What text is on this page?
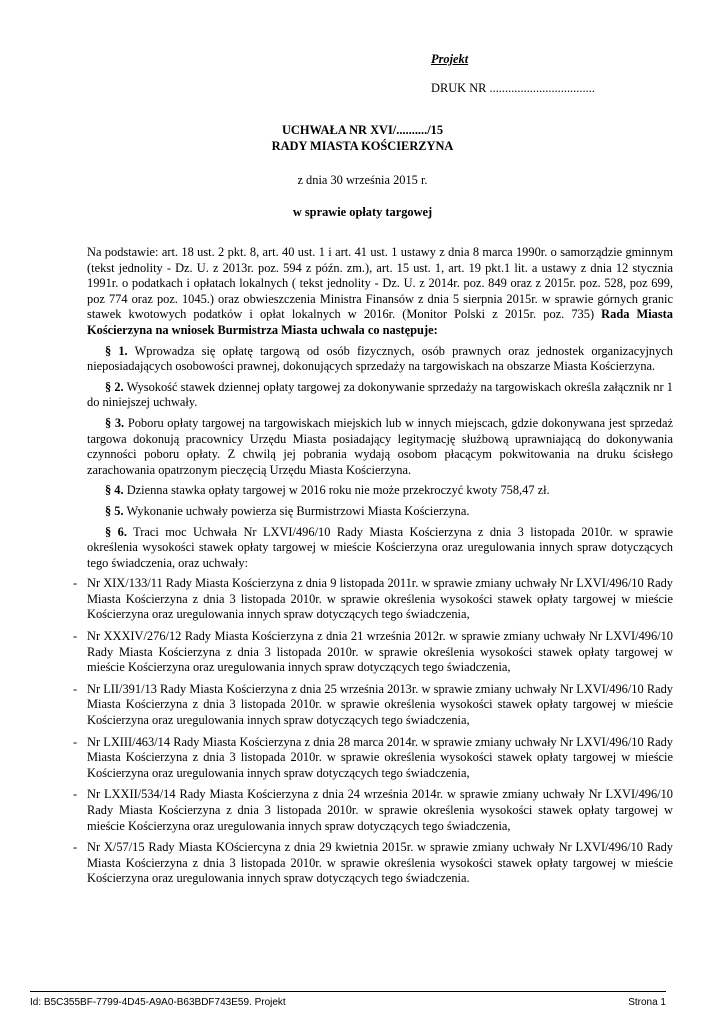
Projekt
DRUK NR ..................................
UCHWAŁA NR XVI/........../15
RADY MIASTA KOŚCIERZYNA
z dnia 30 września 2015 r.
w sprawie opłaty targowej

Na podstawie: art. 18 ust. 2 pkt. 8, art. 40 ust. 1 i art. 41 ust. 1 ustawy z dnia 8 marca 1990r. o samorządzie gminnym (tekst jednolity - Dz. U. z 2013r. poz. 594 z późn. zm.), art. 15 ust. 1, art. 19 pkt.1 lit. a ustawy z dnia 12 stycznia 1991r. o podatkach i opłatach lokalnych ( tekst jednolity - Dz. U. z 2014r. poz. 849 oraz z 2015r. poz. 528, poz 699, poz 774 oraz poz. 1045.) oraz obwieszczenia Ministra Finansów z dnia 5 sierpnia 2015r. w sprawie górnych granic stawek kwotowych podatków i opłat lokalnych w 2016r. (Monitor Polski z 2015r. poz. 735) Rada Miasta Kościerzyna na wniosek Burmistrza Miasta uchwala co następuje:

§ 1. Wprowadza się opłatę targową od osób fizycznych, osób prawnych oraz jednostek organizacyjnych nieposiadających osobowości prawnej, dokonujących sprzedaży na targowiskach na obszarze Miasta Kościerzyna.

§ 2. Wysokość stawek dziennej opłaty targowej za dokonywanie sprzedaży na targowiskach określa załącznik nr 1 do niniejszej uchwały.

§ 3. Poboru opłaty targowej na targowiskach miejskich lub w innych miejscach, gdzie dokonywana jest sprzedaż targowa dokonują pracownicy Urzędu Miasta posiadający legitymację służbową uprawniającą do dokonywania czynności poboru opłaty. Z chwilą jej pobrania wydają osobom płacącym pokwitowania na druku ścisłego zarachowania opatrzonym pieczęcią Urzędu Miasta Kościerzyna.

§ 4. Dzienna stawka opłaty targowej w 2016 roku nie może przekroczyć kwoty 758,47 zł.

§ 5. Wykonanie uchwały powierza się Burmistrzowi Miasta Kościerzyna.

§ 6. Traci moc Uchwała Nr LXVI/496/10 Rady Miasta Kościerzyna z dnia 3 listopada 2010r. w sprawie określenia wysokości stawek opłaty targowej w mieście Kościerzyna oraz uregulowania innych spraw dotyczących tego świadczenia, oraz uchwały:

- Nr XIX/133/11 Rady Miasta Kościerzyna z dnia 9 listopada 2011r. w sprawie zmiany uchwały Nr LXVI/496/10 Rady Miasta Kościerzyna z dnia 3 listopada 2010r. w sprawie określenia wysokości stawek opłaty targowej w mieście Kościerzyna oraz uregulowania innych spraw dotyczących tego świadczenia,
- Nr XXXIV/276/12 Rady Miasta Kościerzyna z dnia 21 września 2012r. w sprawie zmiany uchwały Nr LXVI/496/10 Rady Miasta Kościerzyna z dnia 3 listopada 2010r. w sprawie określenia wysokości stawek opłaty targowej w mieście Kościerzyna oraz uregulowania innych spraw dotyczących tego świadczenia,
- Nr LII/391/13 Rady Miasta Kościerzyna z dnia 25 września 2013r. w sprawie zmiany uchwały Nr LXVI/496/10 Rady Miasta Kościerzyna z dnia 3 listopada 2010r. w sprawie określenia wysokości stawek opłaty targowej w mieście Kościerzyna oraz uregulowania innych spraw dotyczących tego świadczenia,
- Nr LXIII/463/14 Rady Miasta Kościerzyna z dnia 28 marca 2014r. w sprawie zmiany uchwały Nr LXVI/496/10 Rady Miasta Kościerzyna z dnia 3 listopada 2010r. w sprawie określenia wysokości stawek opłaty targowej w mieście Kościerzyna oraz uregulowania innych spraw dotyczących tego świadczenia,
- Nr LXXII/534/14 Rady Miasta Kościerzyna z dnia 24 września 2014r. w sprawie zmiany uchwały Nr LXVI/496/10 Rady Miasta Kościerzyna z dnia 3 listopada 2010r. w sprawie określenia wysokości stawek opłaty targowej w mieście Kościerzyna oraz uregulowania innych spraw dotyczących tego świadczenia,
- Nr X/57/15 Rady Miasta KOściercyna z dnia 29 kwietnia 2015r. w sprawie zmiany uchwały Nr LXVI/496/10 Rady Miasta Kościerzyna z dnia 3 listopada 2010r. w sprawie określenia wysokości stawek opłaty targowej w mieście Kościerzyna oraz uregulowania innych spraw dotyczących tego świadczenia.
Id: B5C355BF-7799-4D45-A9A0-B63BDF743E59. Projekt	Strona 1
